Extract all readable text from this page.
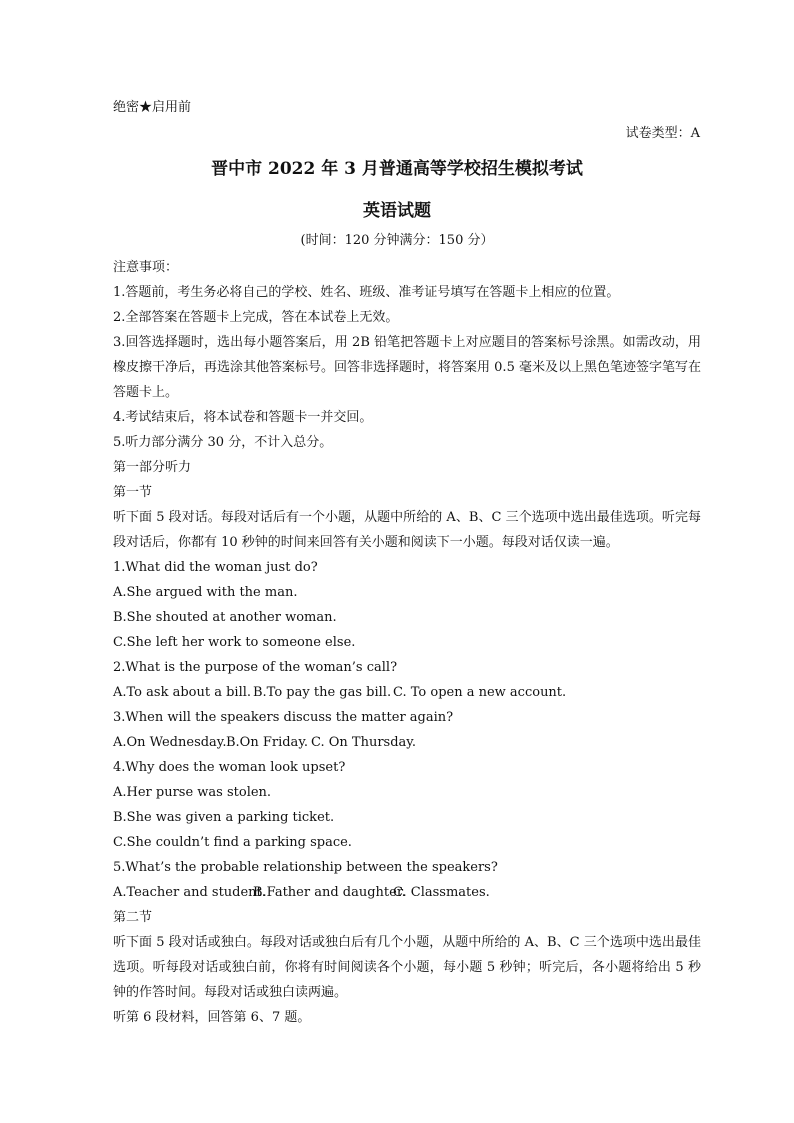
绝密★启用前
试卷类型：A
晋中市 2022 年 3 月普通高等学校招生模拟考试
英语试题
(时间：120 分钟满分：150 分）
注意事项：
1.答题前，考生务必将自己的学校、姓名、班级、准考证号填写在答题卡上相应的位置。
2.全部答案在答题卡上完成，答在本试卷上无效。
3.回答选择题时，选出每小题答案后，用 2B 铅笔把答题卡上对应题目的答案标号涂黑。如需改动，用橡皮擦干净后，再选涂其他答案标号。回答非选择题时，将答案用 0.5 毫米及以上黑色笔迹签字笔写在答题卡上。
4.考试结束后，将本试卷和答题卡一并交回。
5.听力部分满分 30 分，不计入总分。
第一部分听力
第一节
听下面 5 段对话。每段对话后有一个小题，从题中所给的 A、B、C 三个选项中选出最佳选项。听完每段对话后，你都有 10 秒钟的时间来回答有关小题和阅读下一小题。每段对话仅读一遍。
1.What did the woman just do?
A.She argued with the man.
B.She shouted at another woman.
C.She left her work to someone else.
2.What is the purpose of the woman’s call?
A.To ask about a bill. B.To pay the gas bill. C. To open a new account.
3.When will the speakers discuss the matter again?
A.On Wednesday.B.On Friday. C. On Thursday.
4.Why does the woman look upset?
A.Her purse was stolen.
B.She was given a parking ticket.
C.She couldn’t find a parking space.
5.What’s the probable relationship between the speakers?
A.Teacher and student.B.Father and daughter.C. Classmates.
第二节
听下面 5 段对话或独白。每段对话或独白后有几个小题，从题中所给的 A、B、C 三个选项中选出最佳选项。听每段对话或独白前，你将有时间阅读各个小题，每小题 5 秒钟；听完后，各小题将给出 5 秒钟的作答时间。每段对话或独白读两遍。
听第 6 段材料，回答第 6、7 题。
